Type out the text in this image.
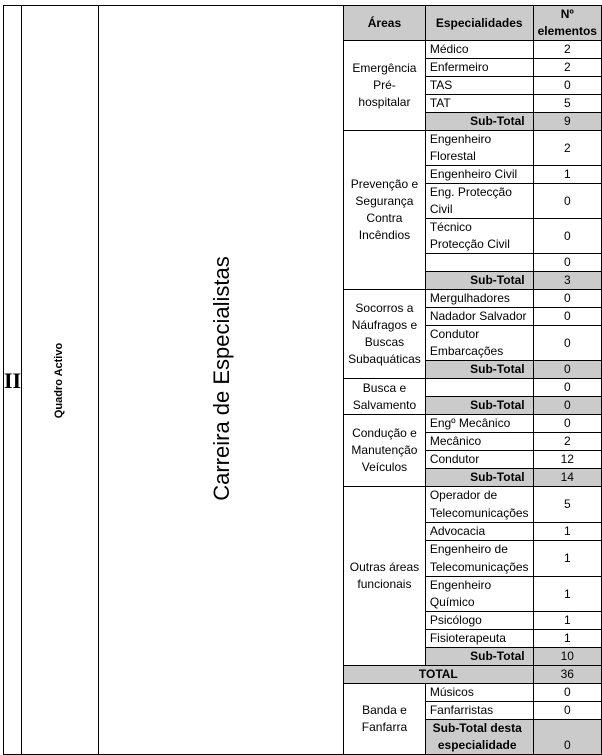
II	Quadro Activo	Carreira de Especialistas	Áreas	Especialidades	Nº elementos
			Emergência Pré-hospitalar	Médico	2
				Enfermeiro	2
				TAS	0
				TAT	5
				Sub-Total	9
			Prevenção e Segurança Contra Incêndios	Engenheiro Florestal	2
				Engenheiro Civil	1
				Eng. Protecção Civil	0
				Técnico Protecção Civil	0
					0
				Sub-Total	3
			Socorros a Náufragos e Buscas Subaquáticas	Mergulhadores	0
				Nadador Salvador	0
				Condutor Embarcações	0
				Sub-Total	0
			Busca e Salvamento		0
				Sub-Total	0
			Condução e Manutenção Veículos	Engº Mecânico	0
				Mecânico	2
				Condutor	12
				Sub-Total	14
			Outras áreas funcionais	Operador de Telecomunicações	5
				Advocacia	1
				Engenheiro de Telecomunicações	1
				Engenheiro Químico	1
				Psicólogo	1
				Fisioterapeuta	1
				Sub-Total	10
			TOTAL		36
			Banda e Fanfarra	Músicos	0
				Fanfarristas	0
				Sub-Total desta especialidade	0
